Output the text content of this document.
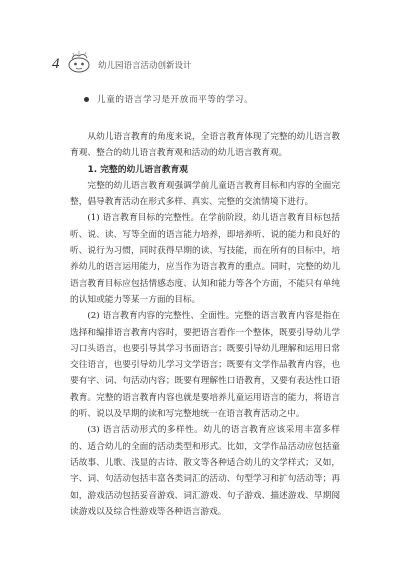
4	幼儿园语言活动创新设计
儿童的语言学习是开放而平等的学习。

从幼儿语言教育的角度来说，全语言教育体现了完整的幼儿语言教育观、整合的幼儿语言教育观和活动的幼儿语言教育观。

1. 完整的幼儿语言教育观

完整的幼儿语言教育观强调学前儿童语言教育目标和内容的全面完整，倡导教育活动在形式多样、真实、完整的交流情境下进行。

(1) 语言教育目标的完整性。在学前阶段，幼儿语言教育目标包括听、说、读、写等全面的语言能力培养，即培养听、说的能力和良好的听、说行为习惯，同时获得早期的读、写技能，而在所有的目标中，培养幼儿的语言运用能力，应当作为语言教育的重点。同时，完整的幼儿语言教育目标应包括情感态度、认知和能力等各个方面，不能只有单纯的认知或能力等某一方面的目标。

(2) 语言教育内容的完整性、全面性。完整的语言教育内容是指在选择和编排语言教育内容时，要把语言看作一个整体，既要引导幼儿学习口头语言，也要引导其学习书面语言；既要引导幼儿理解和运用日常交往语言，也要引导幼儿学习文学语言；既要有文学作品教育内容，也要有字、词、句活动内容；既要有理解性口语教育，又要有表达性口语教育。完整的语言教育内容也就是要培养儿童运用语言的能力，将语言的听、说以及早期的读和写完整地统一在语言教育活动之中。

(3) 语言活动形式的多样性。幼儿的语言教育应该采用丰富多样的、适合幼儿的全面的活动类型和形式。比如，文学作品活动应包括童话故事、儿歌、浅显的古诗、散文等各种适合幼儿的文学样式；又如，字、词、句活动包括丰富各类词汇的活动、句型学习和扩句活动等；再如，游戏活动包括妥音游戏、词汇游戏、句子游戏、描述游戏、早期阅读游戏以及综合性游戏等各种语言游戏。
